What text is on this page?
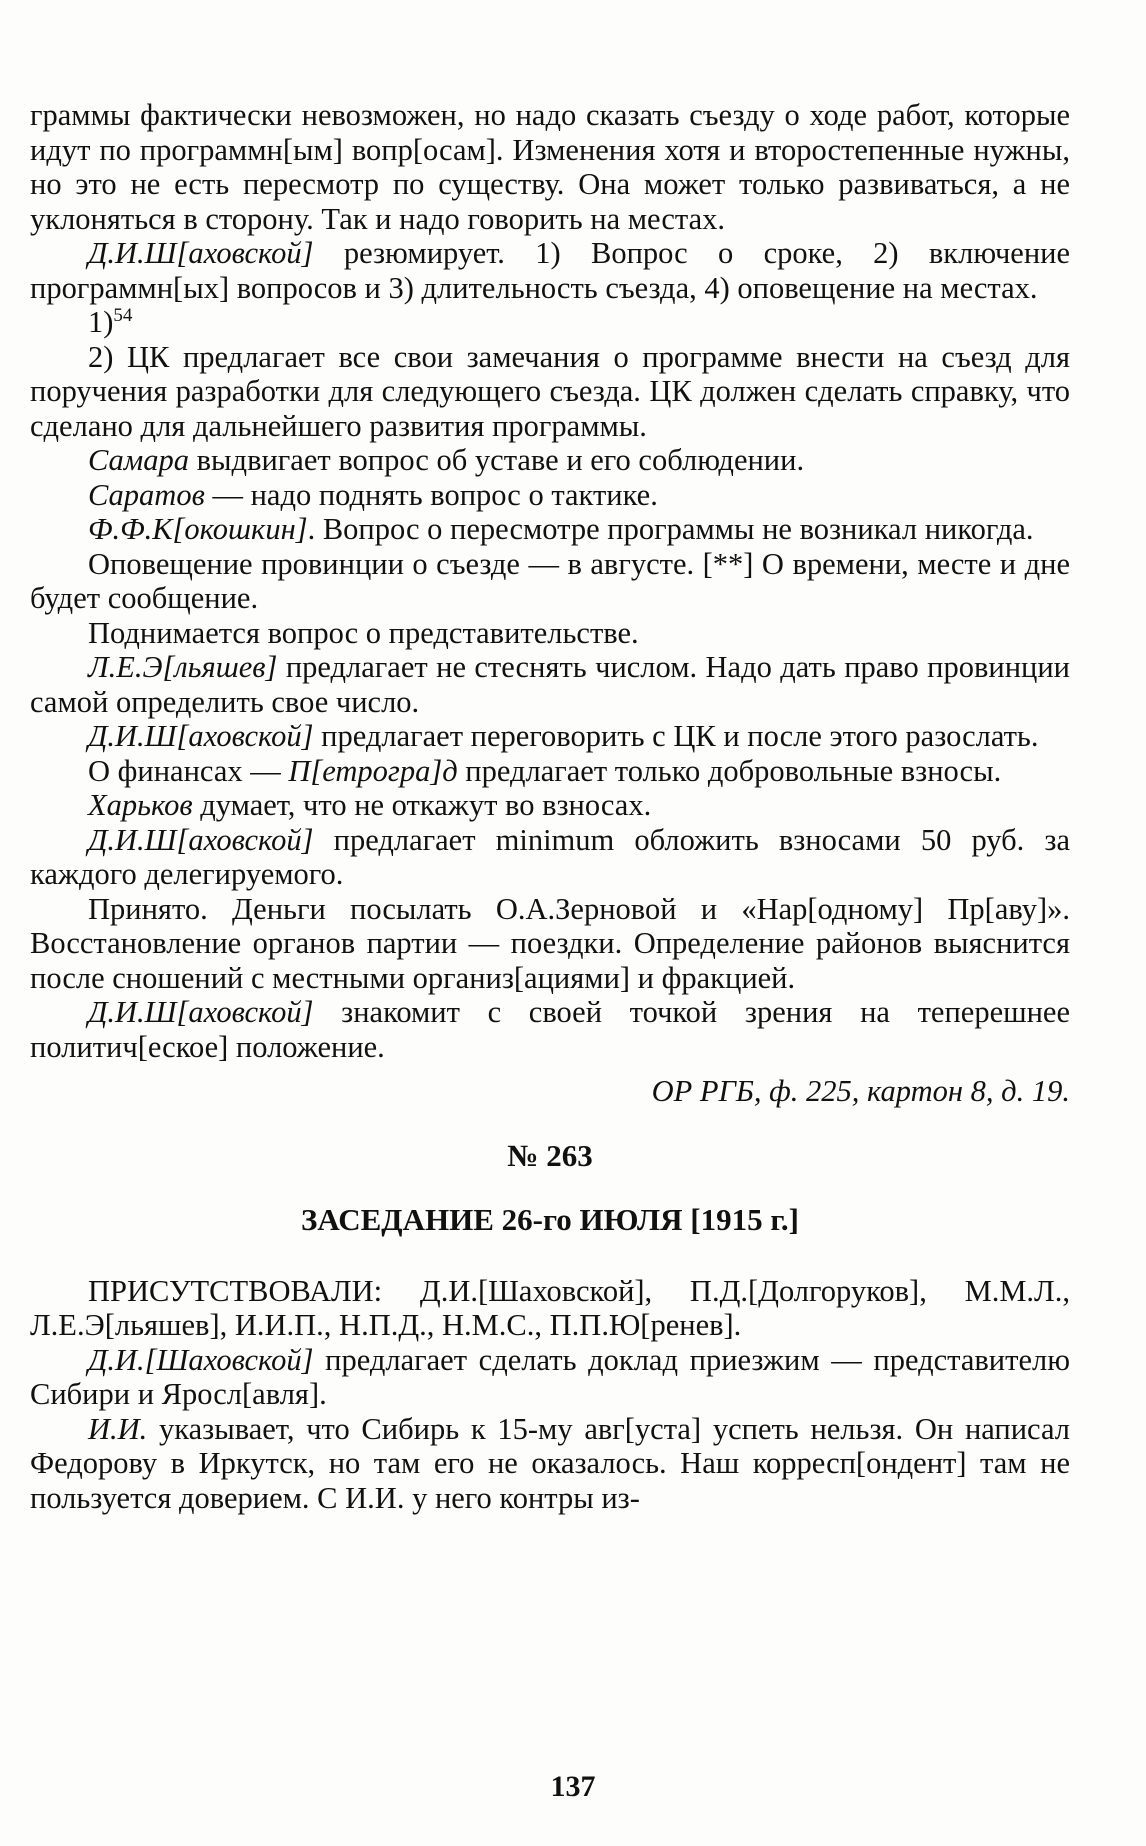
граммы фактически невозможен, но надо сказать съезду о ходе работ, которые идут по программн[ым] вопр[осам]. Изменения хотя и второстепенные нужны, но это не есть пересмотр по существу. Она может только развиваться, а не уклоняться в сторону. Так и надо говорить на местах.

Д.И.Ш[аховской] резюмирует. 1) Вопрос о сроке, 2) включение программн[ых] вопросов и 3) длительность съезда, 4) оповещение на местах.

1)$^{54}$

2) ЦК предлагает все свои замечания о программе внести на съезд для поручения разработки для следующего съезда. ЦК должен сделать справку, что сделано для дальнейшего развития программы.

Самара выдвигает вопрос об уставе и его соблюдении.

Саратов — надо поднять вопрос о тактике.

Ф.Ф.К[окошкин]. Вопрос о пересмотре программы не возникал никогда.

Оповещение провинции о съезде — в августе. [**] О времени, месте и дне будет сообщение.

Поднимается вопрос о представительстве.

Л.Е.Э[льяшев] предлагает не стеснять числом. Надо дать право провинции самой определить свое число.

Д.И.Ш[аховской] предлагает переговорить с ЦК и после этого разослать.

О финансах — П[етрогра]д предлагает только добровольные взносы.

Харьков думает, что не откажут во взносах.

Д.И.Ш[аховской] предлагает minimum обложить взносами 50 руб. за каждого делегируемого.

Принято. Деньги посылать О.А.Зерновой и «Нар[одному] Пр[аву]». Восстановление органов партии — поездки. Определение районов выяснится после сношений с местными организ[ациями] и фракцией.

Д.И.Ш[аховской] знакомит с своей точкой зрения на теперешнее политич[еское] положение.

ОР РГБ, ф. 225, картон 8, д. 19.

№ 263

ЗАСЕДАНИЕ 26-го ИЮЛЯ [1915 г.]

ПРИСУТСТВОВАЛИ: Д.И.[Шаховской], П.Д.[Долгоруков], М.М.Л., Л.Е.Э[льяшев], И.И.П., Н.П.Д., Н.М.С., П.П.Ю[ренев].

Д.И.[Шаховской] предлагает сделать доклад приезжим — представителю Сибири и Яросл[авля].

И.И. указывает, что Сибирь к 15-му авг[уста] успеть нельзя. Он написал Федорову в Иркутск, но там его не оказалось. Наш корресп[ондент] там не пользуется доверием. С И.И. у него контры из-

137
